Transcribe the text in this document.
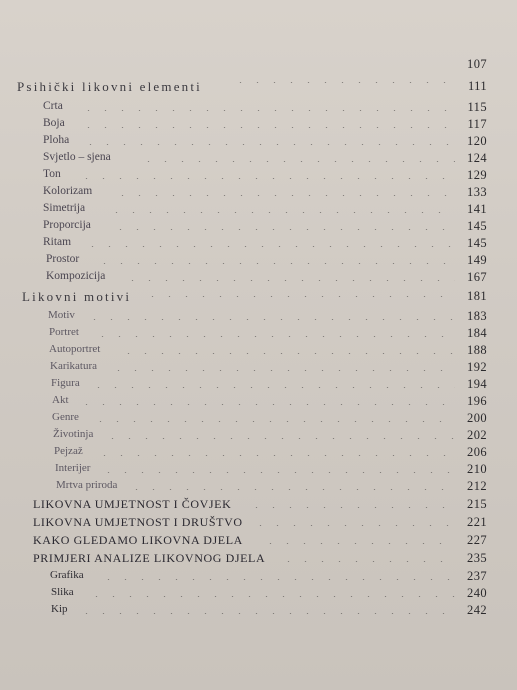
107
Psihički likovni elementi	111
Crta	115
Boja	117
Ploha	120
Svjetlo – sjena	124
Ton	129
Kolorizam	133
Simetrija	141
Proporcija	145
Ritam	145
Prostor	149
Kompozicija	167
Likovni motivi	181
Motiv	183
Portret	184
Autoportret	188
Karikatura	192
Figura	194
Akt	196
Genre	200
Životinja	202
Pejzaž	206
Interijer	210
Mrtva priroda	212
LIKOVNA UMJETNOST I ČOVJEK	215
LIKOVNA UMJETNOST I DRUŠTVO	221
KAKO GLEDAMO LIKOVNA DJELA	227
PRIMJERI ANALIZE LIKOVNOG DJELA	235
Grafika	237
Slika	240
Kip	242
